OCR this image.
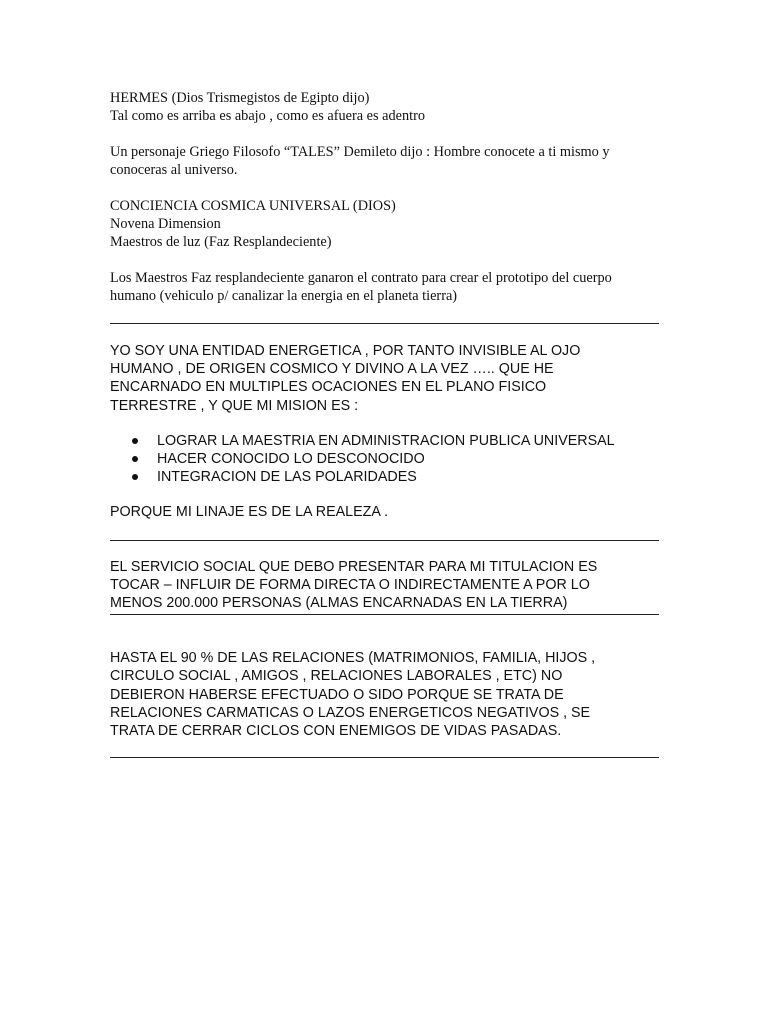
HERMES (Dios Trismegistos de Egipto dijo)
Tal como es arriba es abajo , como es afuera es adentro
Un personaje Griego Filosofo “TALES” Demileto dijo : Hombre conocete a ti mismo y
conoceras al universo.
CONCIENCIA COSMICA UNIVERSAL (DIOS)
Novena Dimension
Maestros de luz (Faz Resplandeciente)
Los Maestros Faz resplandeciente ganaron el contrato para crear el prototipo del cuerpo
humano (vehiculo p/ canalizar la energia en el planeta tierra)
YO SOY UNA ENTIDAD ENERGETICA , POR TANTO INVISIBLE AL OJO
HUMANO , DE ORIGEN COSMICO Y DIVINO A LA VEZ ….. QUE HE
ENCARNADO EN MULTIPLES OCACIONES EN EL PLANO FISICO
TERRESTRE , Y QUE MI MISION ES :
LOGRAR LA MAESTRIA EN ADMINISTRACION PUBLICA UNIVERSAL
HACER CONOCIDO LO DESCONOCIDO
INTEGRACION DE LAS POLARIDADES
PORQUE MI LINAJE ES DE LA REALEZA .
EL SERVICIO SOCIAL QUE DEBO PRESENTAR PARA MI TITULACION ES
TOCAR – INFLUIR DE FORMA DIRECTA O INDIRECTAMENTE A POR LO
MENOS 200.000 PERSONAS (ALMAS ENCARNADAS EN LA TIERRA)
HASTA EL 90 % DE LAS RELACIONES (MATRIMONIOS, FAMILIA, HIJOS ,
CIRCULO SOCIAL , AMIGOS , RELACIONES LABORALES , ETC) NO
DEBIERON HABERSE EFECTUADO O SIDO PORQUE SE TRATA DE
RELACIONES CARMATICAS O LAZOS ENERGETICOS NEGATIVOS , SE
TRATA DE CERRAR CICLOS CON ENEMIGOS DE VIDAS PASADAS.
